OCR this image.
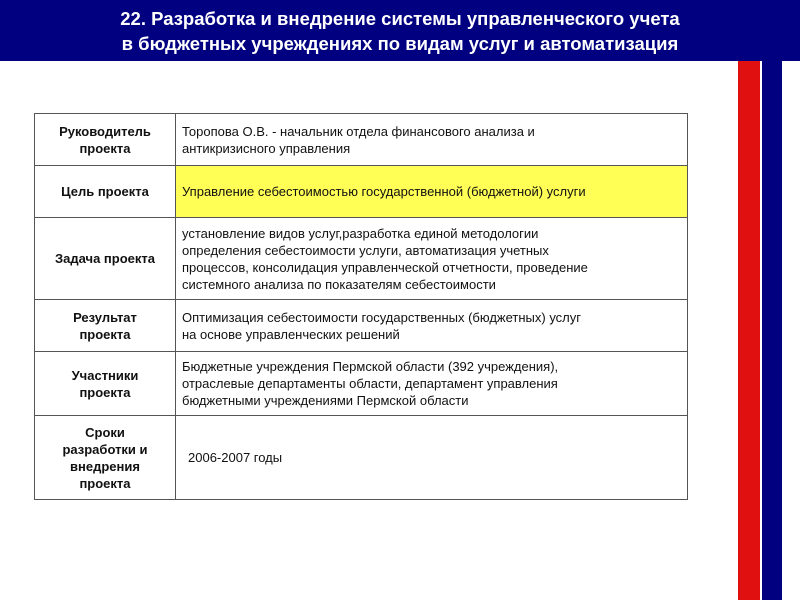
22. Разработка и внедрение системы управленческого учета
в бюджетных учреждениях по видам услуг и автоматизация
Руководитель
проекта	Торопова О.В. - начальник отдела финансового анализа и
антикризисного управления
Цель проекта	Управление себестоимостью государственной (бюджетной) услуги
Задача проекта	установление видов услуг,разработка единой методологии
определения себестоимости услуги, автоматизация учетных
процессов, консолидация управленческой отчетности, проведение
системного анализа по показателям себестоимости
Результат
проекта	Оптимизация себестоимости государственных (бюджетных) услуг
на основе управленческих решений
Участники
проекта	Бюджетные учреждения Пермской области (392 учреждения),
отраслевые департаменты области, департамент управления
бюджетными учреждениями Пермской области
Сроки
разработки и
внедрения
проекта	2006-2007 годы
